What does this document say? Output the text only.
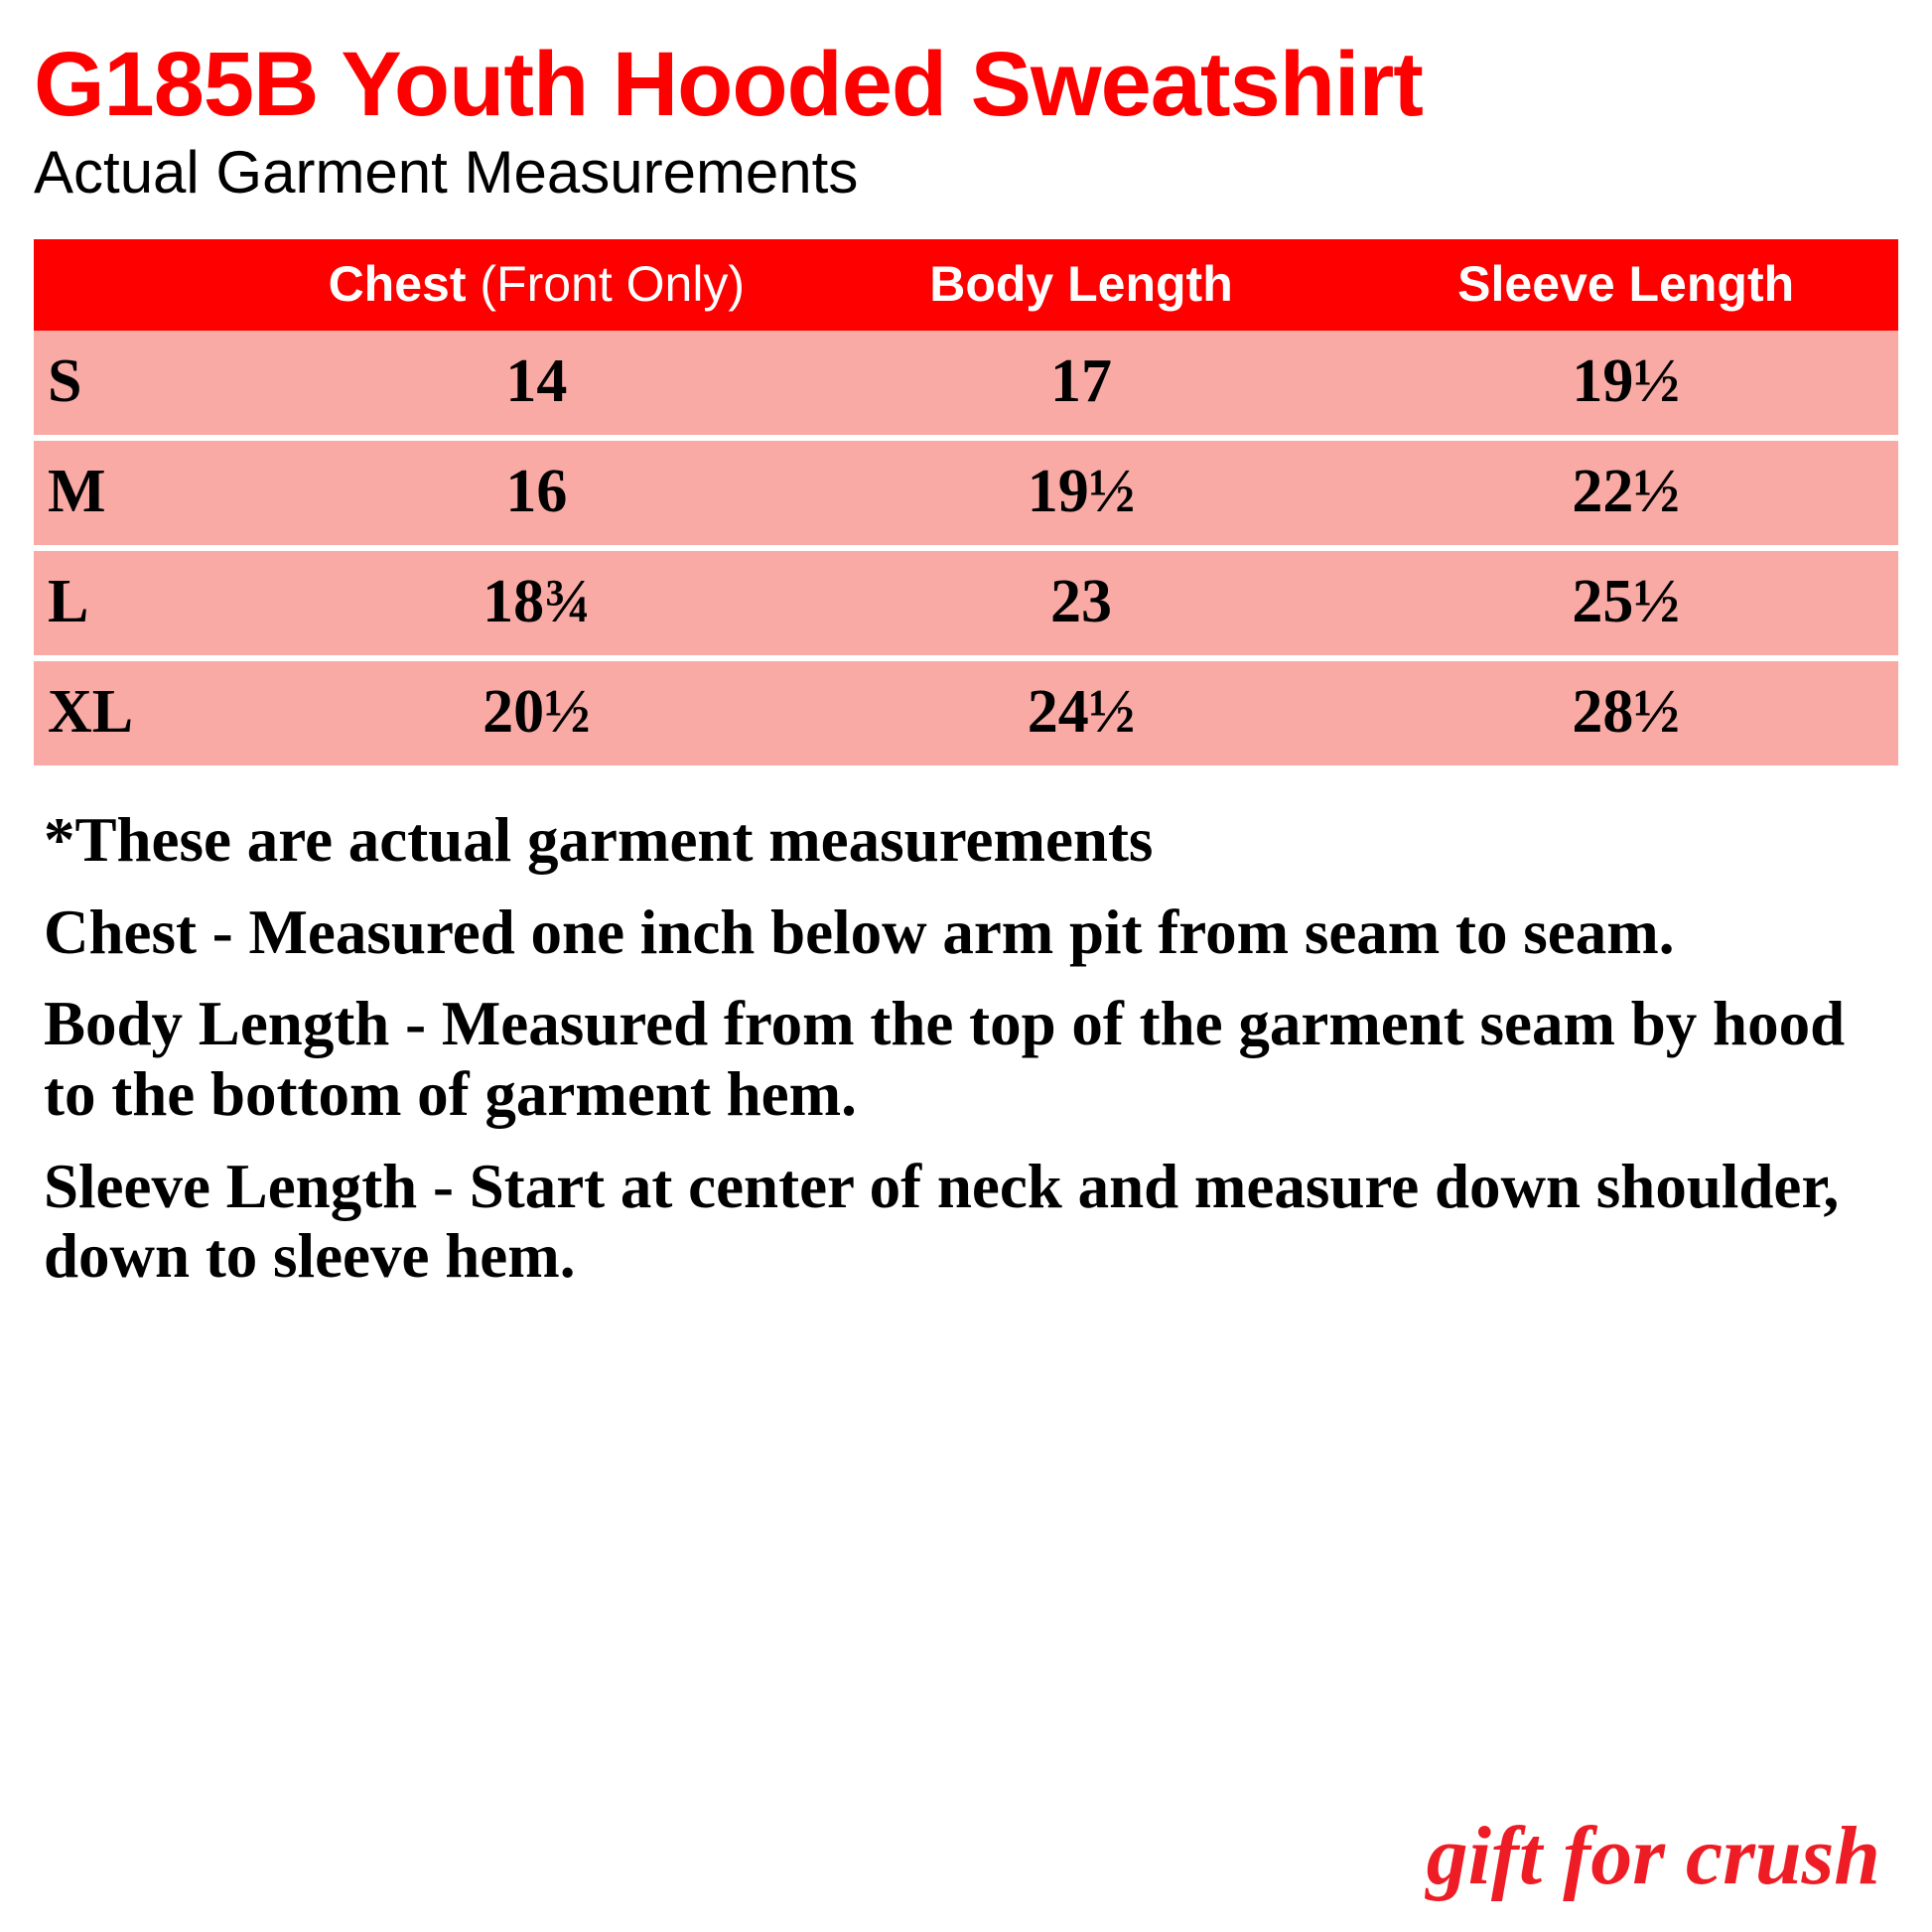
G185B Youth Hooded Sweatshirt
Actual Garment Measurements
	Chest (Front Only)	Body Length	Sleeve Length
S	14	17	19½
M	16	19½	22½
L	18¾	23	25½
XL	20½	24½	28½
*These are actual garment measurements
Chest - Measured one inch below arm pit from seam to seam.
Body Length - Measured from the top of the garment seam by hood to the bottom of garment hem.
Sleeve Length - Start at center of neck and measure down shoulder, down to sleeve hem.
gift for crush
